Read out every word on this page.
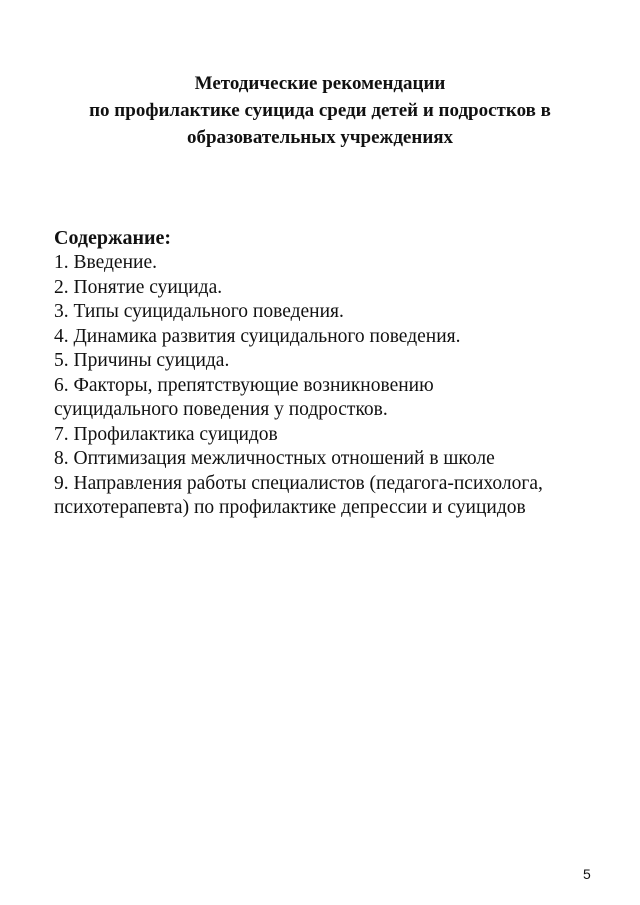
Методические рекомендации
по профилактике суицида среди детей и подростков в
образовательных учреждениях
Содержание:
1. Введение.
2. Понятие суицида.
3. Типы суицидального поведения.
4. Динамика развития суицидального поведения.
5. Причины суицида.
6. Факторы, препятствующие возникновению
суицидального поведения у подростков.
7. Профилактика суицидов
8. Оптимизация межличностных отношений в школе
9. Направления работы специалистов (педагога-психолога,
психотерапевта) по профилактике депрессии и суицидов
5
